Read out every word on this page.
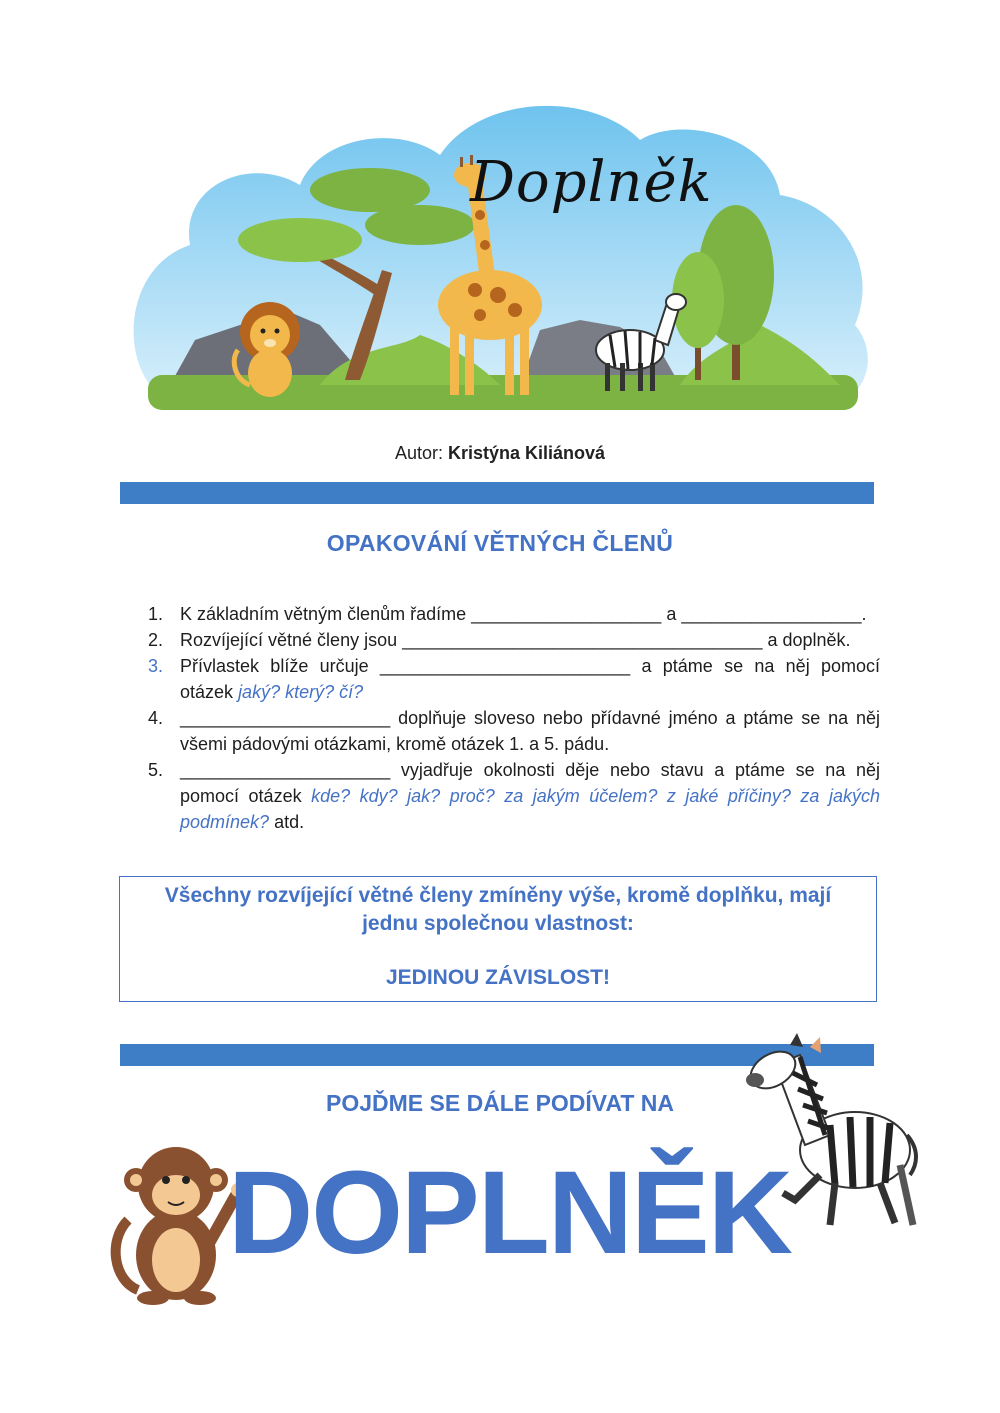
Doplněk
Autor: Kristýna Kiliánová
OPAKOVÁNÍ VĚTNÝCH ČLENŮ
1. K základním větným členům řadíme ___________________ a __________________.
2. Rozvíjející větné členy jsou ____________________________________ a doplněk.
3. Přívlastek blíže určuje _________________________ a ptáme se na něj pomocí otázek jaký? který? čí?
4. _____________________ doplňuje sloveso nebo přídavné jméno a ptáme se na něj všemi pádovými otázkami, kromě otázek 1. a 5. pádu.
5. _____________________ vyjadřuje okolnosti děje nebo stavu a ptáme se na něj pomocí otázek kde? kdy? jak? proč? za jakým účelem? z jaké příčiny? za jakých podmínek? atd.
Všechny rozvíjející větné členy zmíněny výše, kromě doplňku, mají jednu společnou vlastnost:
JEDINOU ZÁVISLOST!
POJĎME SE DÁLE PODÍVAT NA
DOPLNĚK
